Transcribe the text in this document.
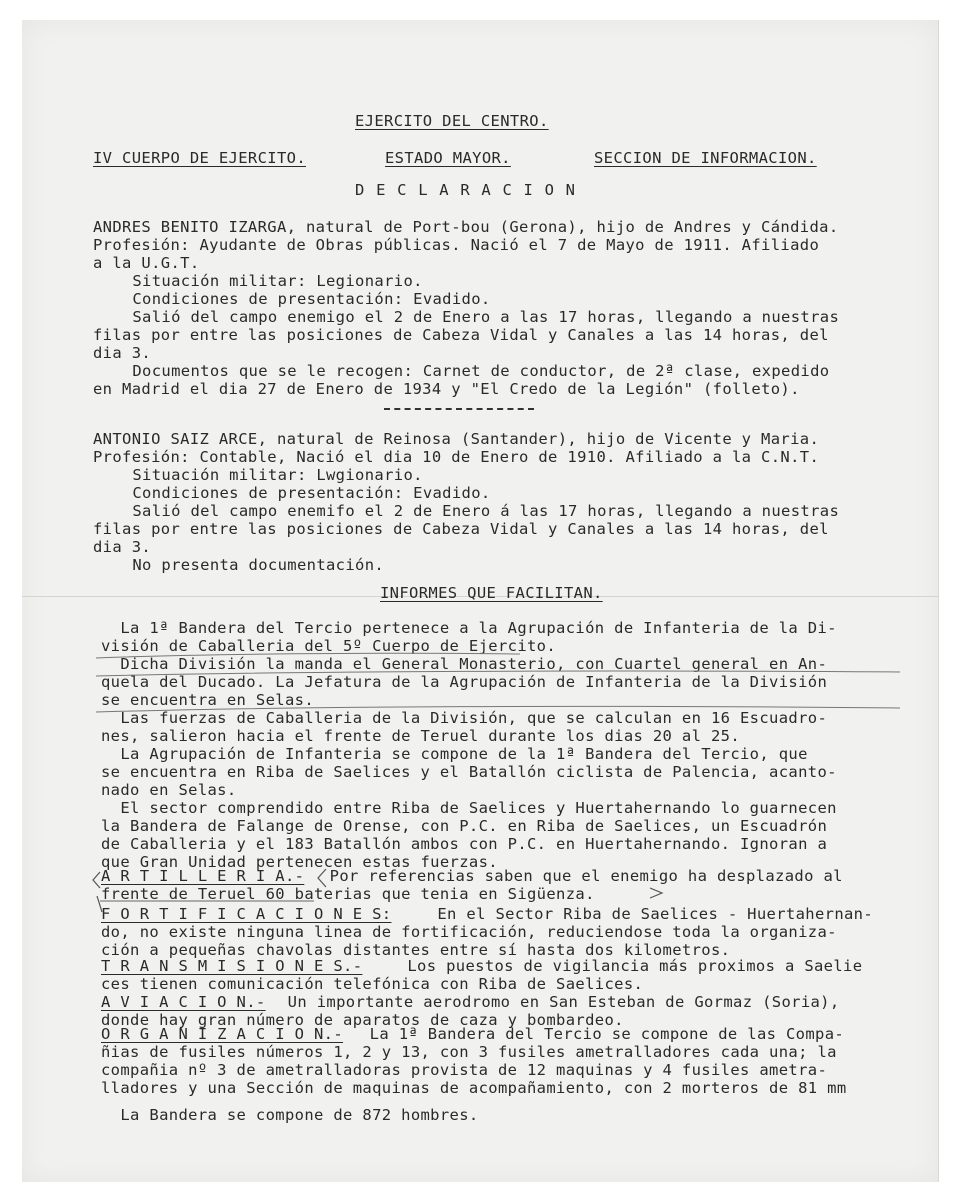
EJERCITO DEL CENTRO.
IV CUERPO DE EJERCITO.	ESTADO MAYOR.	SECCION DE INFORMACION.
D E C L A R A C I O N
ANDRES BENITO IZARGA, natural de Port-bou (Gerona), hijo de Andres y Cándida.
Profesión: Ayudante de Obras públicas. Nació el 7 de Mayo de 1911. Afiliado
a la U.G.T.
Situación militar: Legionario.
Condiciones de presentación: Evadido.
Salió del campo enemigo el 2 de Enero a las 17 horas, llegando a nuestras
filas por entre las posiciones de Cabeza Vidal y Canales a las 14 horas, del
dia 3.
Documentos que se le recogen: Carnet de conductor, de 2ª clase, expedido
en Madrid el dia 27 de Enero de 1934 y "El Credo de la Legión" (folleto).
ANTONIO SAIZ ARCE, natural de Reinosa (Santander), hijo de Vicente y Maria.
Profesión: Contable, Nació el dia 10 de Enero de 1910. Afiliado a la C.N.T.
Situación militar: Lwgionario.
Condiciones de presentación: Evadido.
Salió del campo enemifo el 2 de Enero á las 17 horas, llegando a nuestras
filas por entre las posiciones de Cabeza Vidal y Canales a las 14 horas, del
dia 3.
No presenta documentación.
INFORMES QUE FACILITAN.
La 1ª Bandera del Tercio pertenece a la Agrupación de Infanteria de la Di-
visión de Caballeria del 5º Cuerpo de Ejercito.
Dicha División la manda el General Monasterio, con Cuartel general en An-
quela del Ducado. La Jefatura de la Agrupación de Infanteria de la División
se encuentra en Selas.
Las fuerzas de Caballeria de la División, que se calculan en 16 Escuadro-
nes, salieron hacia el frente de Teruel durante los dias 20 al 25.
La Agrupación de Infanteria se compone de la 1ª Bandera del Tercio, que
se encuentra en Riba de Saelices y el Batallón ciclista de Palencia, acanto-
nado en Selas.
El sector comprendido entre Riba de Saelices y Huertahernando lo guarnecen
la Bandera de Falange de Orense, con P.C. en Riba de Saelices, un Escuadrón
de Caballeria y el 183 Batallón ambos con P.C. en Huertahernando. Ignoran a
que Gran Unidad pertenecen estas fuerzas.
A R T I L L E R I A.- Por referencias saben que el enemigo ha desplazado al
frente de Teruel 60 baterias que tenia en Sigüenza.
F O R T I F I C A C I O N E S: En el Sector Riba de Saelices - Huertahernan-
do, no existe ninguna linea de fortificación, reduciendose toda la organiza-
ción a pequeñas chavolas distantes entre sí hasta dos kilometros.
T R A N S M I S I O N E S.- Los puestos de vigilancia más proximos a Saelie
ces tienen comunicación telefónica con Riba de Saelices.
A V I A C I O N.- Un importante aerodromo en San Esteban de Gormaz (Soria),
donde hay gran número de aparatos de caza y bombardeo.
O R G A N I Z A C I O N.- La 1ª Bandera del Tercio se compone de las Compa-
ñias de fusiles números 1, 2 y 13, con 3 fusiles ametralladores cada una; la
compañia nº 3 de ametralladoras provista de 12 maquinas y 4 fusiles ametra-
lladores y una Sección de maquinas de acompañamiento, con 2 morteros de 81 mm
La Bandera se compone de 872 hombres.
